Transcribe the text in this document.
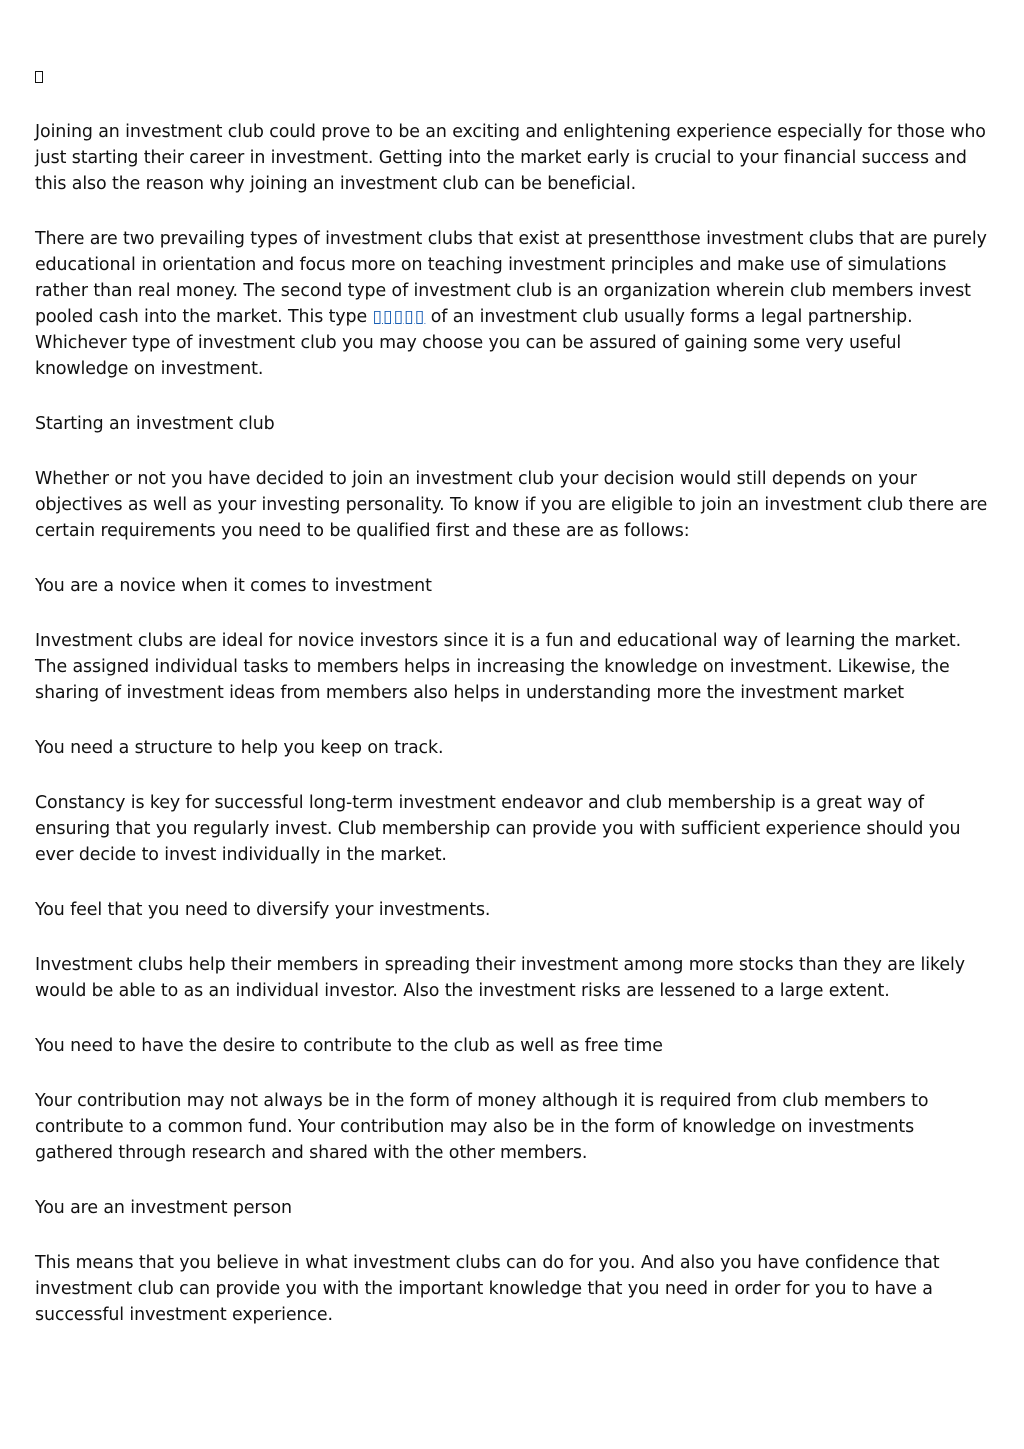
Joining an investment club could prove to be an exciting and enlightening experience especially for those who just starting their career in investment. Getting into the market early is crucial to your financial success and this also the reason why joining an investment club can be beneficial.

There are two prevailing types of investment clubs that exist at presentthose investment clubs that are purely educational in orientation and focus more on teaching investment principles and make use of simulations rather than real money. The second type of investment club is an organization wherein club members invest pooled cash into the market. This type ▯▯▯▯▯ of an investment club usually forms a legal partnership. Whichever type of investment club you may choose you can be assured of gaining some very useful knowledge on investment.

Starting an investment club

Whether or not you have decided to join an investment club your decision would still depends on your objectives as well as your investing personality. To know if you are eligible to join an investment club there are certain requirements you need to be qualified first and these are as follows:

You are a novice when it comes to investment

Investment clubs are ideal for novice investors since it is a fun and educational way of learning the market. The assigned individual tasks to members helps in increasing the knowledge on investment. Likewise, the sharing of investment ideas from members also helps in understanding more the investment market

You need a structure to help you keep on track.

Constancy is key for successful long-term investment endeavor and club membership is a great way of ensuring that you regularly invest. Club membership can provide you with sufficient experience should you ever decide to invest individually in the market.

You feel that you need to diversify your investments.

Investment clubs help their members in spreading their investment among more stocks than they are likely would be able to as an individual investor. Also the investment risks are lessened to a large extent.

You need to have the desire to contribute to the club as well as free time

Your contribution may not always be in the form of money although it is required from club members to contribute to a common fund. Your contribution may also be in the form of knowledge on investments gathered through research and shared with the other members.

You are an investment person

This means that you believe in what investment clubs can do for you. And also you have confidence that investment club can provide you with the important knowledge that you need in order for you to have a successful investment experience.
